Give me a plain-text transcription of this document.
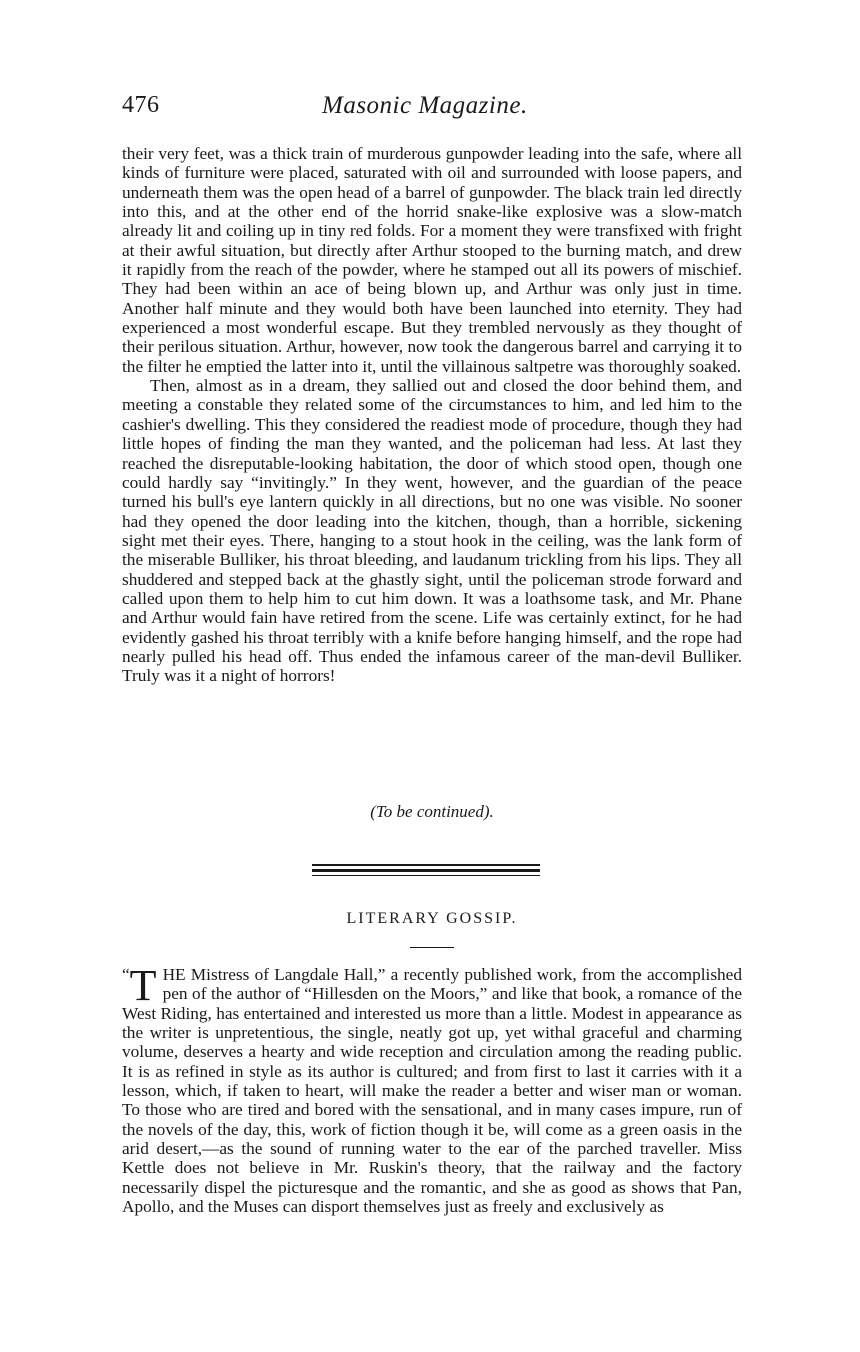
476	Masonic Magazine.

their very feet, was a thick train of murderous gunpowder leading into the safe, where all kinds of furniture were placed, saturated with oil and surrounded with loose papers, and underneath them was the open head of a barrel of gunpowder. The black train led directly into this, and at the other end of the horrid snake-like explosive was a slow-match already lit and coiling up in tiny red folds. For a moment they were transfixed with fright at their awful situation, but directly after Arthur stooped to the burning match, and drew it rapidly from the reach of the powder, where he stamped out all its powers of mischief. They had been within an ace of being blown up, and Arthur was only just in time. Another half minute and they would both have been launched into eternity. They had experienced a most wonderful escape. But they trembled nervously as they thought of their perilous situation. Arthur, however, now took the dangerous barrel and carrying it to the filter he emptied the latter into it, until the villainous saltpetre was thoroughly soaked.

Then, almost as in a dream, they sallied out and closed the door behind them, and meeting a constable they related some of the circumstances to him, and led him to the cashier's dwelling. This they considered the readiest mode of procedure, though they had little hopes of finding the man they wanted, and the policeman had less. At last they reached the disreputable-looking habitation, the door of which stood open, though one could hardly say “invitingly.” In they went, however, and the guardian of the peace turned his bull's eye lantern quickly in all directions, but no one was visible. No sooner had they opened the door leading into the kitchen, though, than a horrible, sickening sight met their eyes. There, hanging to a stout hook in the ceiling, was the lank form of the miserable Bulliker, his throat bleeding, and laudanum trickling from his lips. They all shuddered and stepped back at the ghastly sight, until the policeman strode forward and called upon them to help him to cut him down. It was a loathsome task, and Mr. Phane and Arthur would fain have retired from the scene. Life was certainly extinct, for he had evidently gashed his throat terribly with a knife before hanging himself, and the rope had nearly pulled his head off. Thus ended the infamous career of the man-devil Bulliker. Truly was it a night of horrors!

(To be continued).
LITERARY GOSSIP.

“ T HE Mistress of Langdale Hall,” a recently published work, from the accomplished pen of the author of “Hillesden on the Moors,” and like that book, a romance of the West Riding, has entertained and interested us more than a little. Modest in appearance as the writer is unpretentious, the single, neatly got up, yet withal graceful and charming volume, deserves a hearty and wide reception and circulation among the reading public. It is as refined in style as its author is cultured; and from first to last it carries with it a lesson, which, if taken to heart, will make the reader a better and wiser man or woman. To those who are tired and bored with the sensational, and in many cases impure, run of the novels of the day, this, work of fiction though it be, will come as a green oasis in the arid desert,—as the sound of running water to the ear of the parched traveller. Miss Kettle does not believe in Mr. Ruskin's theory, that the railway and the factory necessarily dispel the picturesque and the romantic, and she as good as shows that Pan, Apollo, and the Muses can disport themselves just as freely and exclusively as
